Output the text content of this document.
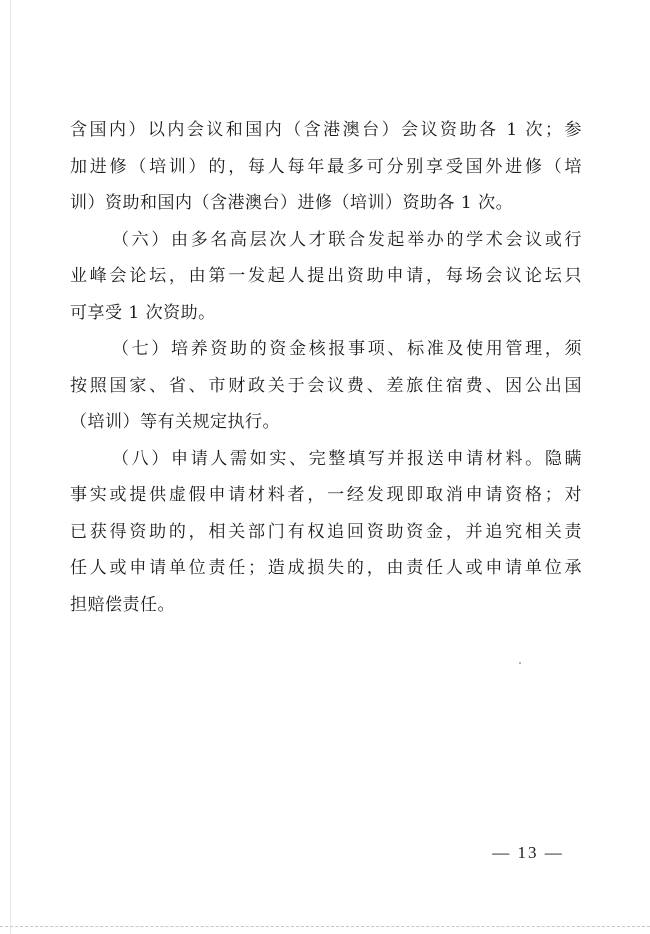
含国内）以内会议和国内（含港澳台）会议资助各 1 次；参
加进修（培训）的，每人每年最多可分别享受国外进修（培
训）资助和国内（含港澳台）进修（培训）资助各 1 次。
（六）由多名高层次人才联合发起举办的学术会议或行
业峰会论坛，由第一发起人提出资助申请，每场会议论坛只
可享受 1 次资助。
（七）培养资助的资金核报事项、标准及使用管理，须
按照国家、省、市财政关于会议费、差旅住宿费、因公出国
（培训）等有关规定执行。
（八）申请人需如实、完整填写并报送申请材料。隐瞒
事实或提供虚假申请材料者，一经发现即取消申请资格；对
已获得资助的，相关部门有权追回资助资金，并追究相关责
任人或申请单位责任；造成损失的，由责任人或申请单位承
担赔偿责任。
— 13 —
